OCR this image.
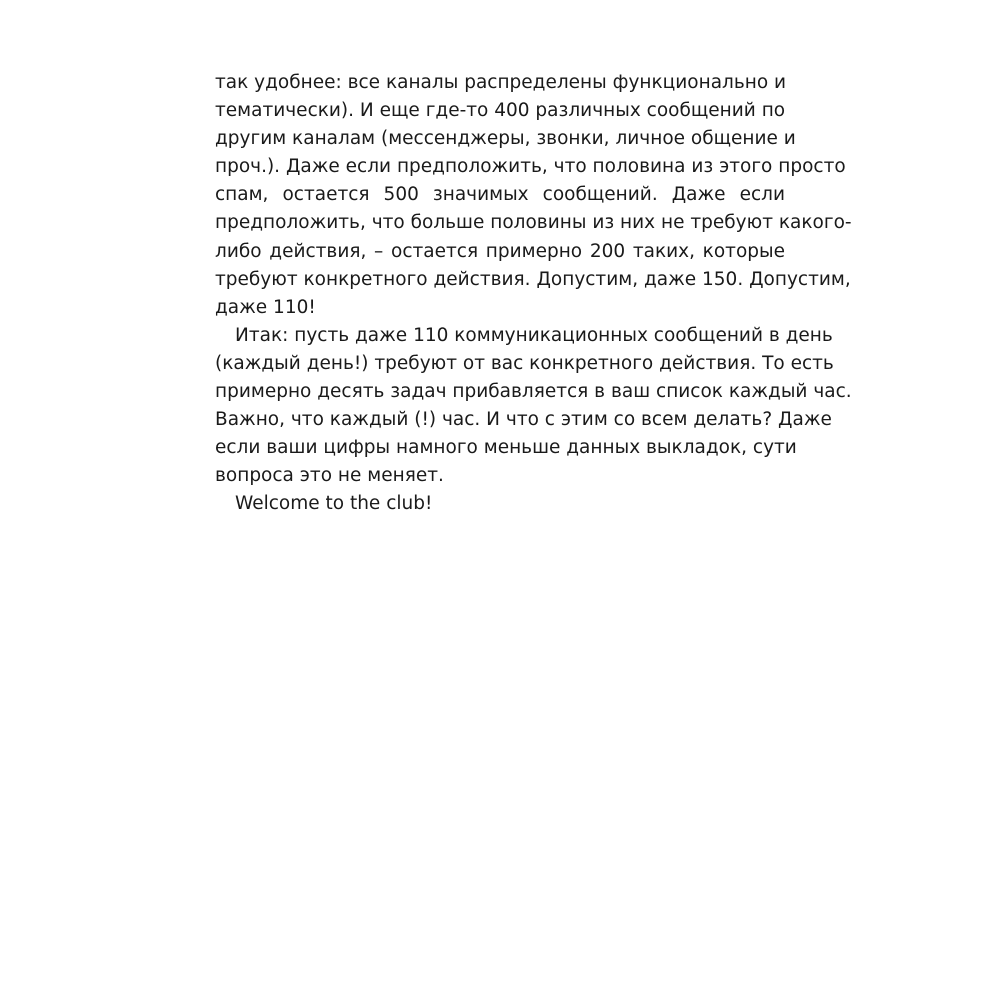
так удобнее: все каналы распределены функционально и
тематически). И еще где-то 400 различных сообщений по
другим каналам (мессенджеры, звонки, личное общение и
проч.). Даже если предположить, что половина из этого просто
спам, остается 500 значимых сообщений. Даже если
предположить, что больше половины из них не требуют какого-
либо действия, – остается примерно 200 таких, которые
требуют конкретного действия. Допустим, даже 150. Допустим,
даже 110!

Итак: пусть даже 110 коммуникационных сообщений в день
(каждый день!) требуют от вас конкретного действия. То есть
примерно десять задач прибавляется в ваш список каждый час.
Важно, что каждый (!) час. И что с этим со всем делать? Даже
если ваши цифры намного меньше данных выкладок, сути
вопроса это не меняет.

Welcome to the club!
